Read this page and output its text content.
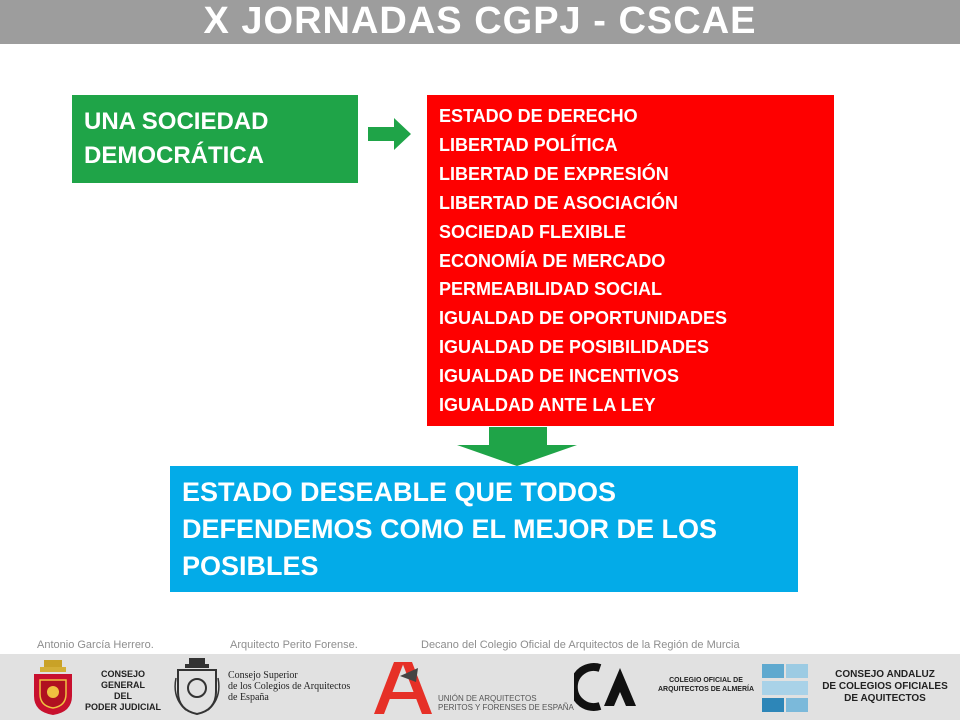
X JORNADAS CGPJ - CSCAE
UNA SOCIEDAD
DEMOCRÁTICA
ESTADO DE DERECHO
LIBERTAD POLÍTICA
LIBERTAD DE EXPRESIÓN
LIBERTAD DE ASOCIACIÓN
SOCIEDAD FLEXIBLE
ECONOMÍA DE MERCADO
PERMEABILIDAD SOCIAL
IGUALDAD DE OPORTUNIDADES
IGUALDAD DE POSIBILIDADES
IGUALDAD DE INCENTIVOS
IGUALDAD ANTE LA LEY
ESTADO DESEABLE QUE TODOS DEFENDEMOS COMO EL MEJOR DE LOS POSIBLES
Antonio García Herrero.	Arquitecto Perito Forense.	Decano del Colegio Oficial de Arquitectos de la Región de Murcia
CONSEJO GENERAL
DEL
PODER JUDICIAL
Consejo Superior
de los Colegios de Arquitectos
de España	UNIÓN DE ARQUITECTOS
PERITOS Y FORENSES DE ESPAÑA
COLEGIO OFICIAL DE
ARQUITECTOS DE ALMERÍA
CONSEJO ANDALUZ
DE COLEGIOS OFICIALES
DE AQUITECTOS
